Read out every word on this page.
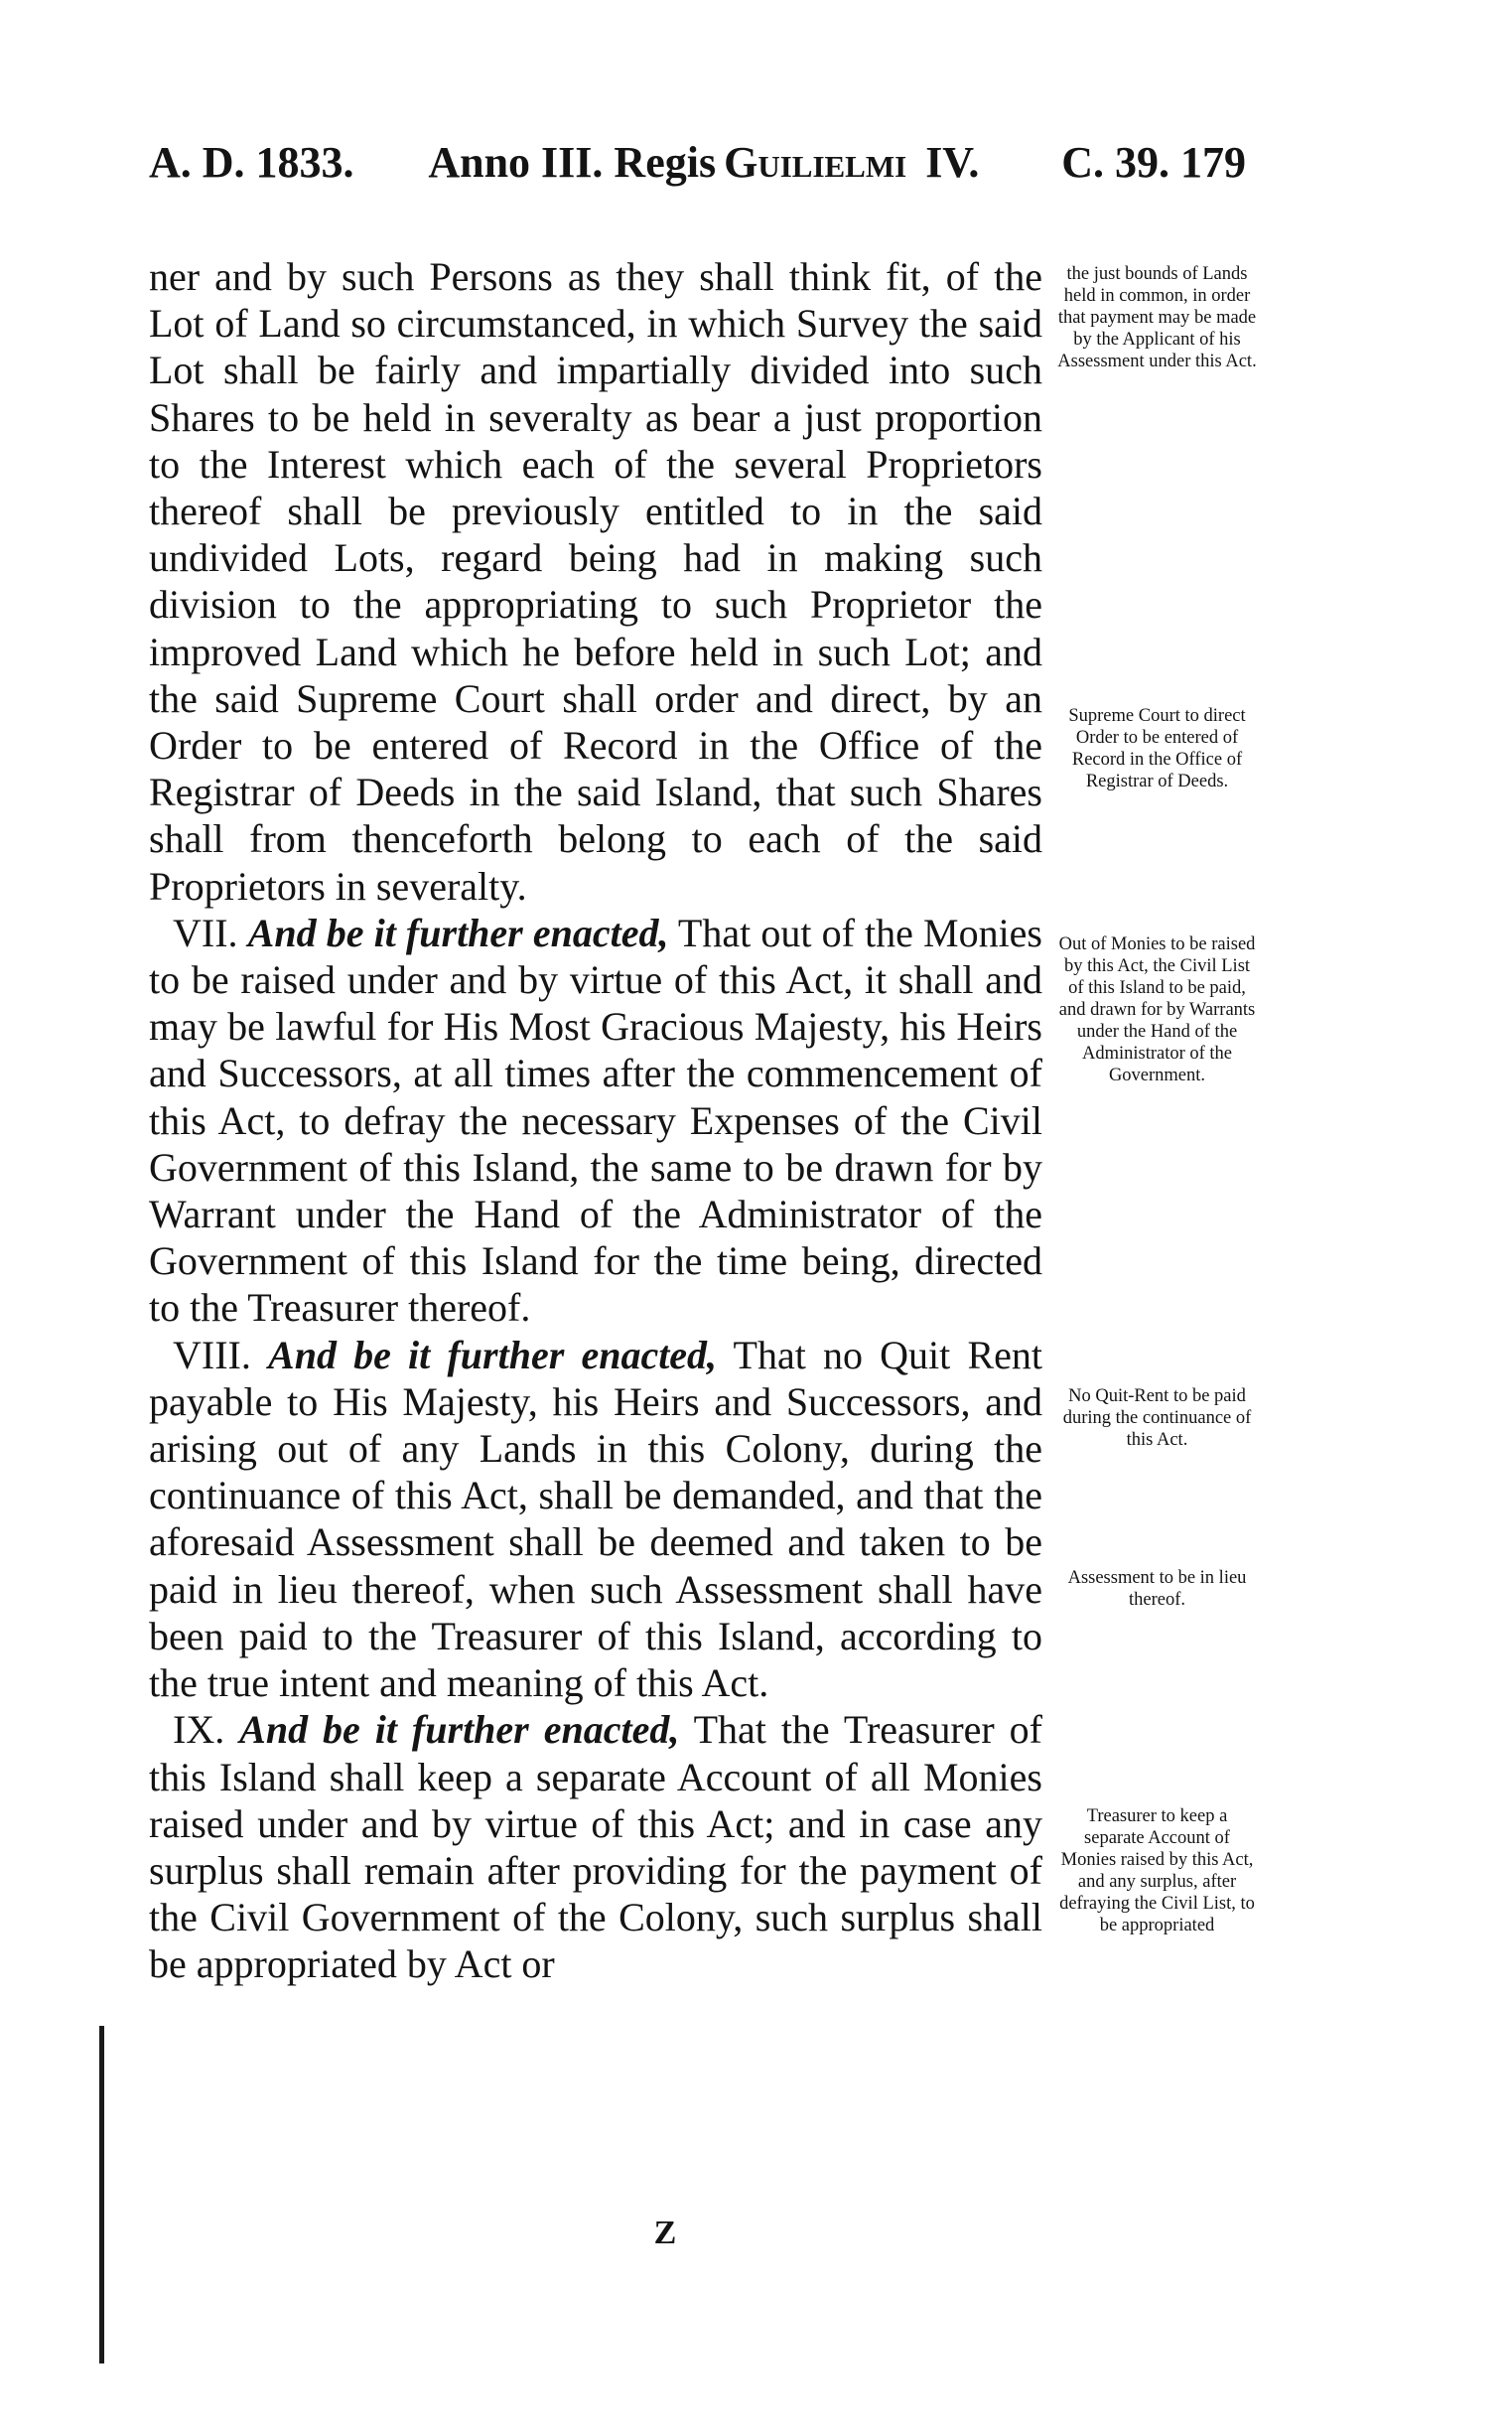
A. D. 1833. Anno III. Regis Guilielmi IV. C. 39. 179

ner and by such Persons as they shall think fit, of the Lot of Land so circumstanced, in which Survey the said Lot shall be fairly and impartially divided into such Shares to be held in severalty as bear a just proportion to the Interest which each of the several Proprietors thereof shall be previously entitled to in the said undivided Lots, regard being had in making such division to the appropriating to such Proprietor the improved Land which he before held in such Lot; and the said Supreme Court shall order and direct, by an Order to be entered of Record in the Office of the Registrar of Deeds in the said Island, that such Shares shall from thenceforth belong to each of the said Proprietors in severalty.

VII. And be it further enacted, That out of the Monies to be raised under and by virtue of this Act, it shall and may be lawful for His Most Gracious Majesty, his Heirs and Successors, at all times after the commencement of this Act, to defray the necessary Expenses of the Civil Government of this Island, the same to be drawn for by Warrant under the Hand of the Administrator of the Government of this Island for the time being, directed to the Treasurer thereof.

VIII. And be it further enacted, That no Quit Rent payable to His Majesty, his Heirs and Successors, and arising out of any Lands in this Colony, during the continuance of this Act, shall be demanded, and that the aforesaid Assessment shall be deemed and taken to be paid in lieu thereof, when such Assessment shall have been paid to the Treasurer of this Island, according to the true intent and meaning of this Act.

IX. And be it further enacted, That the Treasurer of this Island shall keep a separate Account of all Monies raised under and by virtue of this Act; and in case any surplus shall remain after providing for the payment of the Civil Government of the Colony, such surplus shall be appropriated by Act or

the just bounds of Lands held in common, in order that payment may be made by the Applicant of his Assessment under this Act.
Supreme Court to direct Order to be entered of Record in the Office of Registrar of Deeds.
Out of Monies to be raised by this Act, the Civil List of this Island to be paid, and drawn for by Warrants under the Hand of the Administrator of the Government.
No Quit-Rent to be paid during the continuance of this Act.
Assessment to be in lieu thereof.
Treasurer to keep a separate Account of Monies raised by this Act, and any surplus, after defraying the Civil List, to be appropriated
Z
